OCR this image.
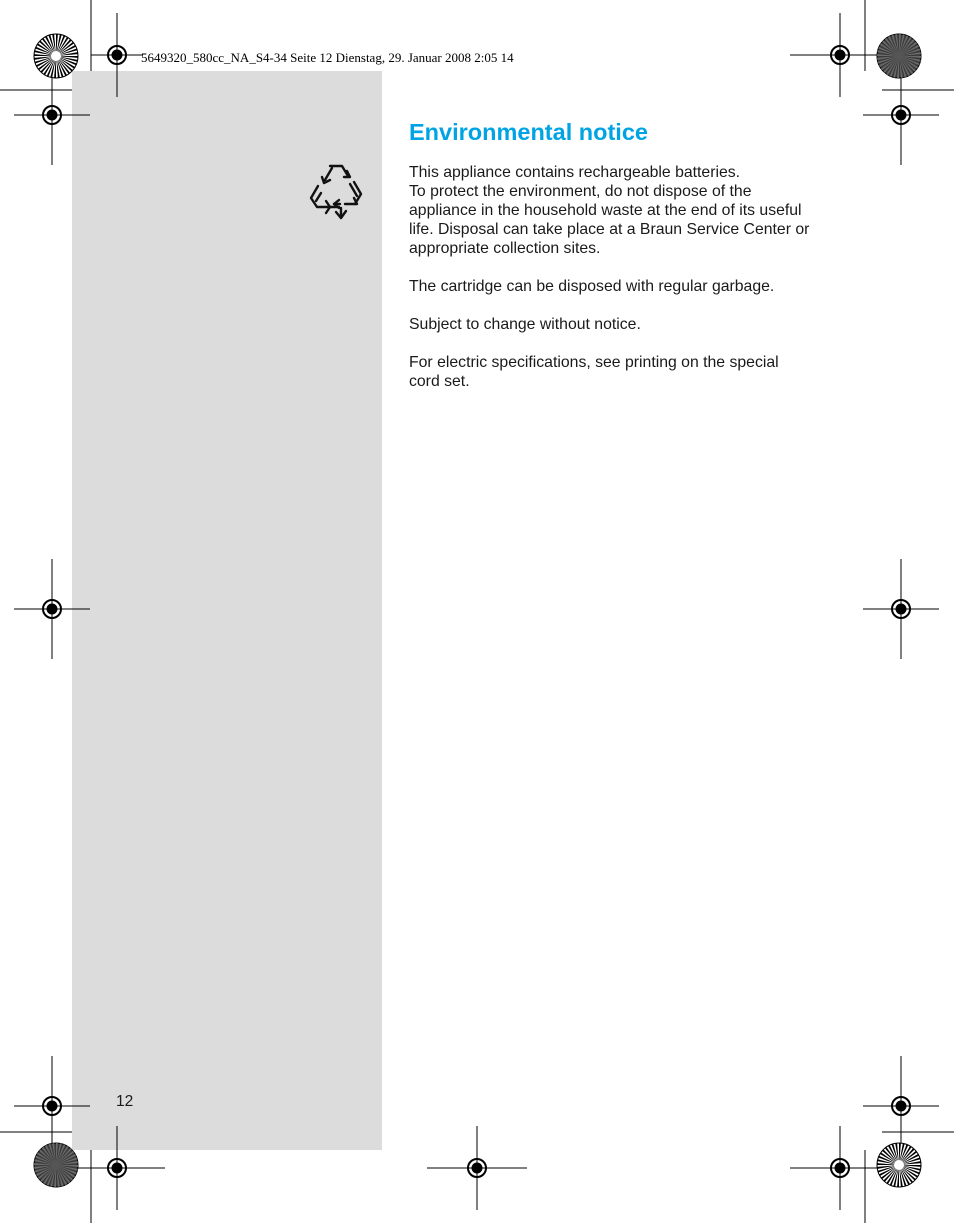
5649320_580cc_NA_S4-34 Seite 12 Dienstag, 29. Januar 2008 2:05 14
Environmental notice

This appliance contains rechargeable batteries.
To protect the environment, do not dispose of the
appliance in the household waste at the end of its useful
life. Disposal can take place at a Braun Service Center or
appropriate collection sites.

The cartridge can be disposed with regular garbage.

Subject to change without notice.

For electric specifications, see printing on the special
cord set.

12
